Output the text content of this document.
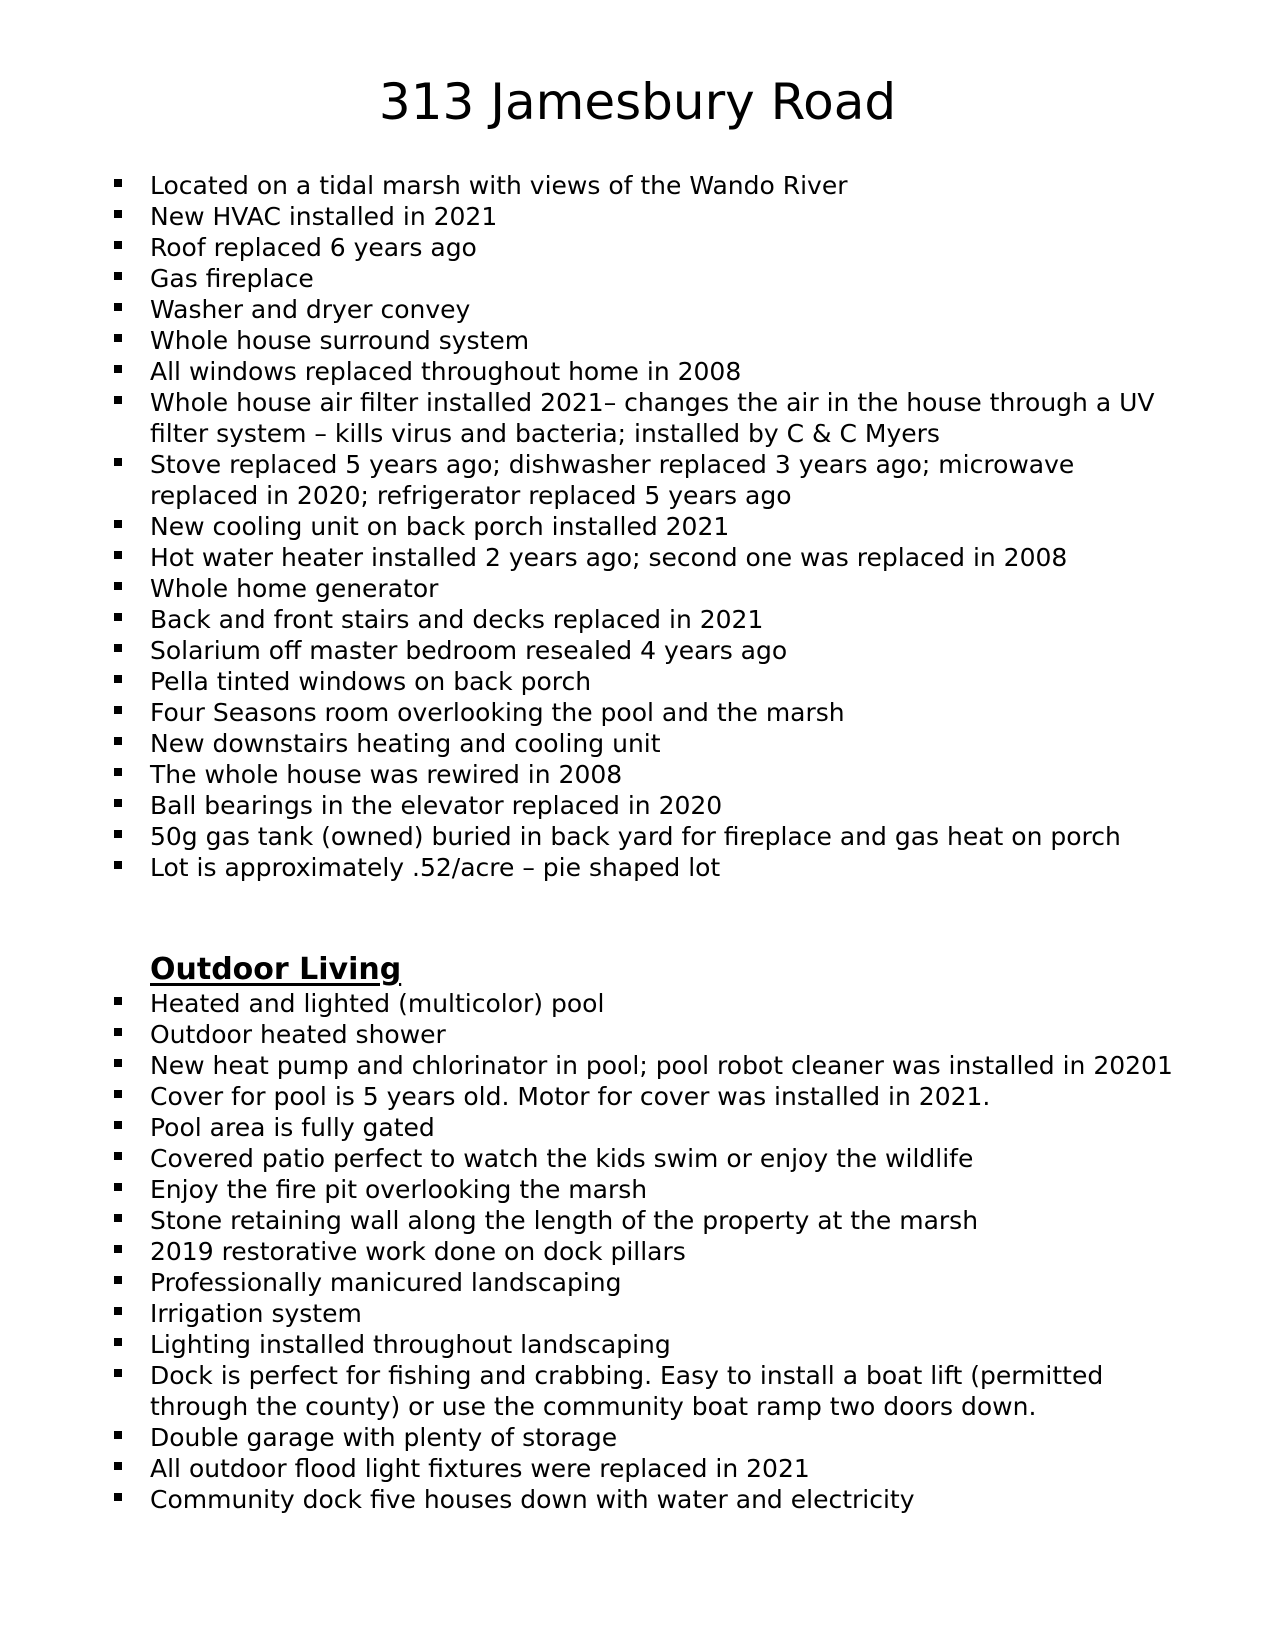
313 Jamesbury Road
Located on a tidal marsh with views of the Wando River
New HVAC installed in 2021
Roof replaced 6 years ago
Gas fireplace
Washer and dryer convey
Whole house surround system
All windows replaced throughout home in 2008
Whole house air filter installed 2021– changes the air in the house through a UV filter system – kills virus and bacteria; installed by C & C Myers
Stove replaced 5 years ago; dishwasher replaced 3 years ago; microwave replaced in 2020; refrigerator replaced 5 years ago
New cooling unit on back porch installed 2021
Hot water heater installed 2 years ago; second one was replaced in 2008
Whole home generator
Back and front stairs and decks replaced in 2021
Solarium off master bedroom resealed 4 years ago
Pella tinted windows on back porch
Four Seasons room overlooking the pool and the marsh
New downstairs heating and cooling unit
The whole house was rewired in 2008
Ball bearings in the elevator replaced in 2020
50g gas tank (owned) buried in back yard for fireplace and gas heat on porch
Lot is approximately .52/acre – pie shaped lot
Outdoor Living
Heated and lighted (multicolor) pool
Outdoor heated shower
New heat pump and chlorinator in pool; pool robot cleaner was installed in 20201
Cover for pool is 5 years old. Motor for cover was installed in 2021.
Pool area is fully gated
Covered patio perfect to watch the kids swim or enjoy the wildlife
Enjoy the fire pit overlooking the marsh
Stone retaining wall along the length of the property at the marsh
2019 restorative work done on dock pillars
Professionally manicured landscaping
Irrigation system
Lighting installed throughout landscaping
Dock is perfect for fishing and crabbing. Easy to install a boat lift (permitted through the county) or use the community boat ramp two doors down.
Double garage with plenty of storage
All outdoor flood light fixtures were replaced in 2021
Community dock five houses down with water and electricity
